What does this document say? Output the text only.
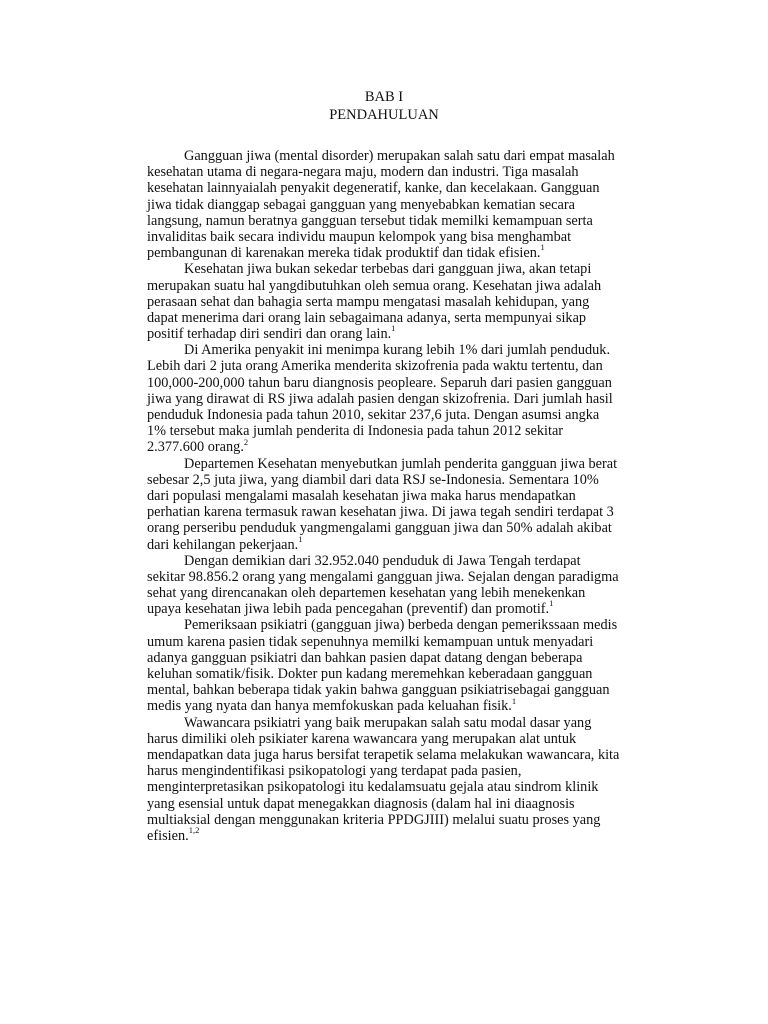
BAB I
PENDAHULUAN
Gangguan jiwa (mental disorder) merupakan salah satu dari empat masalah
kesehatan utama di negara-negara maju, modern dan industri. Tiga masalah
kesehatan lainnyaialah penyakit degeneratif, kanke, dan kecelakaan. Gangguan
jiwa tidak dianggap sebagai gangguan yang menyebabkan kematian secara
langsung, namun beratnya gangguan tersebut tidak memilki kemampuan serta
invaliditas baik secara individu maupun kelompok yang bisa menghambat
pembangunan di karenakan mereka tidak produktif dan tidak efisien.$^1$
Kesehatan jiwa bukan sekedar terbebas dari gangguan jiwa, akan tetapi
merupakan suatu hal yangdibutuhkan oleh semua orang. Kesehatan jiwa adalah
perasaan sehat dan bahagia serta mampu mengatasi masalah kehidupan, yang
dapat menerima dari orang lain sebagaimana adanya, serta mempunyai sikap
positif terhadap diri sendiri dan orang lain.$^1$
Di Amerika penyakit ini menimpa kurang lebih 1% dari jumlah penduduk.
Lebih dari 2 juta orang Amerika menderita skizofrenia pada waktu tertentu, dan
100,000-200,000 tahun baru diangnosis peopleare. Separuh dari pasien gangguan
jiwa yang dirawat di RS jiwa adalah pasien dengan skizofrenia. Dari jumlah hasil
penduduk Indonesia pada tahun 2010, sekitar 237,6 juta. Dengan asumsi angka
1% tersebut maka jumlah penderita di Indonesia pada tahun 2012 sekitar
2.377.600 orang.$^2$
Departemen Kesehatan menyebutkan jumlah penderita gangguan jiwa berat
sebesar 2,5 juta jiwa, yang diambil dari data RSJ se-Indonesia. Sementara 10%
dari populasi mengalami masalah kesehatan jiwa maka harus mendapatkan
perhatian karena termasuk rawan kesehatan jiwa. Di jawa tegah sendiri terdapat 3
orang perseribu penduduk yangmengalami gangguan jiwa dan 50% adalah akibat
dari kehilangan pekerjaan.$^1$
Dengan demikian dari 32.952.040 penduduk di Jawa Tengah terdapat
sekitar 98.856.2 orang yang mengalami gangguan jiwa. Sejalan dengan paradigma
sehat yang direncanakan oleh departemen kesehatan yang lebih menekenkan
upaya kesehatan jiwa lebih pada pencegahan (preventif) dan promotif.$^1$
Pemeriksaan psikiatri (gangguan jiwa) berbeda dengan pemerikssaan medis
umum karena pasien tidak sepenuhnya memilki kemampuan untuk menyadari
adanya gangguan psikiatri dan bahkan pasien dapat datang dengan beberapa
keluhan somatik/fisik. Dokter pun kadang meremehkan keberadaan gangguan
mental, bahkan beberapa tidak yakin bahwa gangguan psikiatrisebagai gangguan
medis yang nyata dan hanya memfokuskan pada keluahan fisik.$^1$
Wawancara psikiatri yang baik merupakan salah satu modal dasar yang
harus dimiliki oleh psikiater karena wawancara yang merupakan alat untuk
mendapatkan data juga harus bersifat terapetik selama melakukan wawancara, kita
harus mengindentifikasi psikopatologi yang terdapat pada pasien,
menginterpretasikan psikopatologi itu kedalamsuatu gejala atau sindrom klinik
yang esensial untuk dapat menegakkan diagnosis (dalam hal ini diaagnosis
multiaksial dengan menggunakan kriteria PPDGJIII) melalui suatu proses yang
efisien.$^{1,2}$
